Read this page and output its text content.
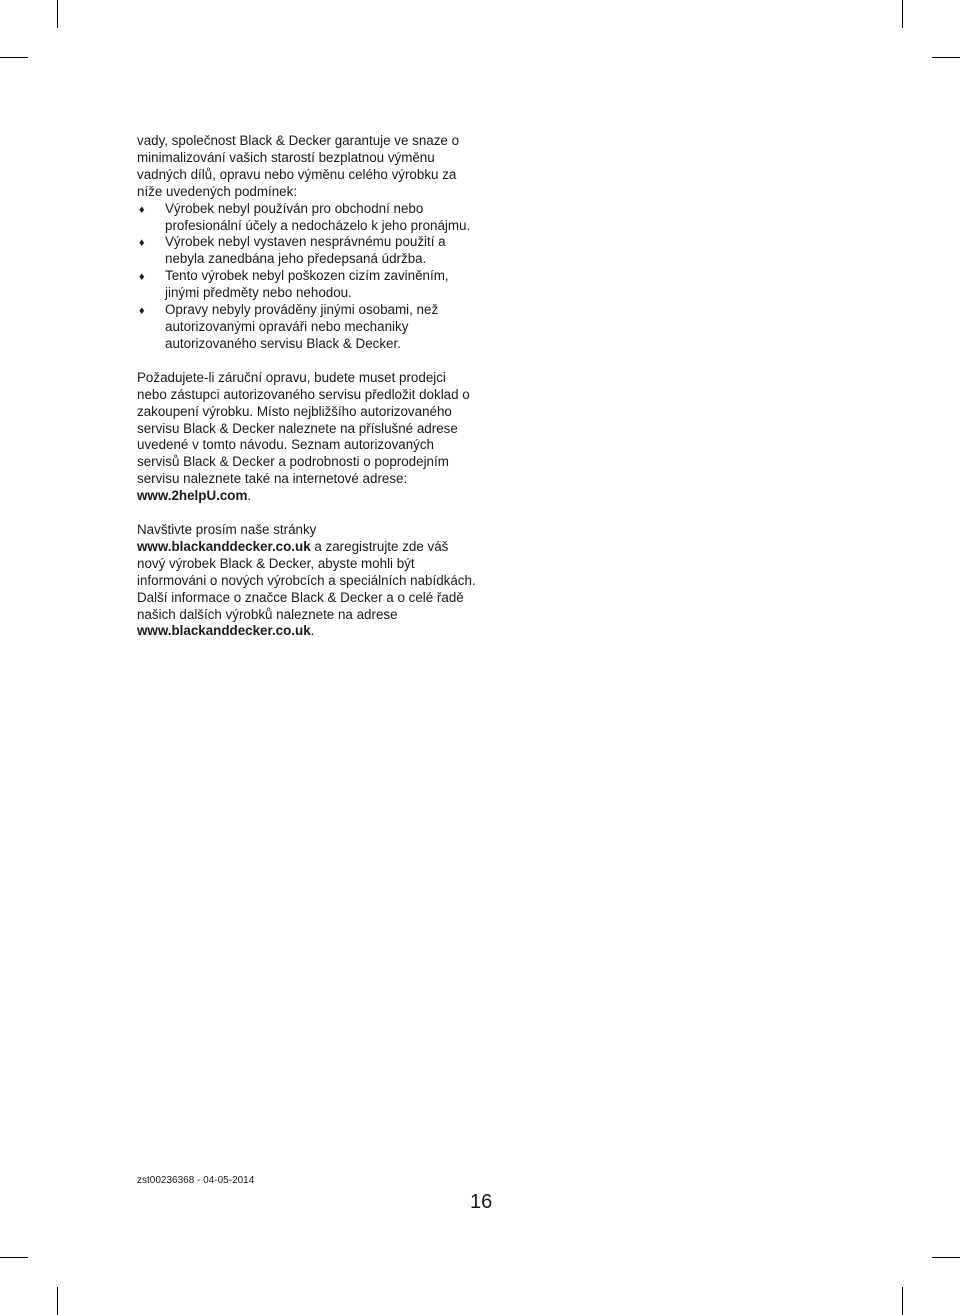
vady, společnost Black & Decker garantuje ve snaze o minimalizování vašich starostí bezplatnou výměnu vadných dílů, opravu nebo výměnu celého výrobku za níže uvedených podmínek:

♦ Výrobek nebyl používán pro obchodní nebo profesionální účely a nedocházelo k jeho pronájmu.
♦ Výrobek nebyl vystaven nesprávnému použití a nebyla zanedbána jeho předepsaná údržba.
♦ Tento výrobek nebyl poškozen cizím zaviněním, jinými předměty nebo nehodou.
♦ Opravy nebyly prováděny jinými osobami, než autorizovanými opraváři nebo mechaniky autorizovaného servisu Black & Decker.

Požadujete-li záruční opravu, budete muset prodejci nebo zástupci autorizovaného servisu předložit doklad o zakoupení výrobku. Místo nejbližšího autorizovaného servisu Black & Decker naleznete na příslušné adrese uvedené v tomto návodu. Seznam autorizovaných servisů Black & Decker a podrobnosti o poprodejním servisu naleznete také na internetové adrese: www.2helpU.com.

Navštivte prosím naše stránky
www.blackanddecker.co.uk a zaregistrujte zde váš nový výrobek Black & Decker, abyste mohli být informováni o nových výrobcích a speciálních nabídkách. Další informace o značce Black & Decker a o celé řadě našich dalších výrobků naleznete na adrese www.blackanddecker.co.uk.

zst00236368 - 04-05-2014
16
